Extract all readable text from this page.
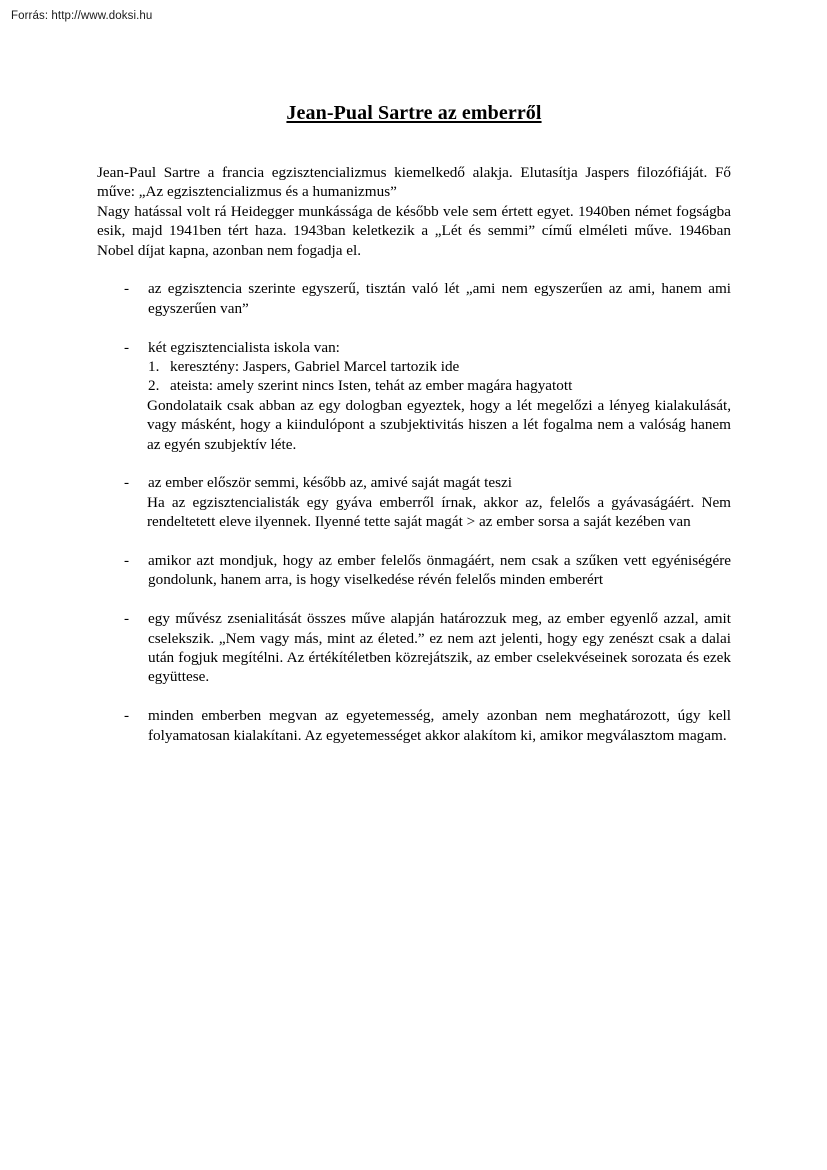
Forrás: http://www.doksi.hu
Jean-Pual Sartre az emberről

Jean-Paul Sartre a francia egzisztencializmus kiemelkedő alakja. Elutasítja Jaspers filozófiáját. Fő műve: „Az egzisztencializmus és a humanizmus”

Nagy hatással volt rá Heidegger munkássága de később vele sem értett egyet. 1940ben német fogságba esik, majd 1941ben tért haza. 1943ban keletkezik a „Lét és semmi” című elméleti műve. 1946ban Nobel díjat kapna, azonban nem fogadja el.

- az egzisztencia szerinte egyszerű, tisztán való lét „ami nem egyszerűen az ami, hanem ami egyszerűen van”
- két egzisztencialista iskola van:
1. keresztény: Jaspers, Gabriel Marcel tartozik ide
2. ateista: amely szerint nincs Isten, tehát az ember magára hagyatott
Gondolataik csak abban az egy dologban egyeztek, hogy a lét megelőzi a lényeg kialakulását, vagy másként, hogy a kiindulópont a szubjektivitás hiszen a lét fogalma nem a valóság hanem az egyén szubjektív léte.
- az ember először semmi, később az, amivé saját magát teszi
Ha az egzisztencialisták egy gyáva emberről írnak, akkor az, felelős a gyávaságáért. Nem rendeltetett eleve ilyennek. Ilyenné tette saját magát > az ember sorsa a saját kezében van
- amikor azt mondjuk, hogy az ember felelős önmagáért, nem csak a szűken vett egyéniségére gondolunk, hanem arra, is hogy viselkedése révén felelős minden emberért
- egy művész zsenialitását összes műve alapján határozzuk meg, az ember egyenlő azzal, amit cselekszik. „Nem vagy más, mint az életed.” ez nem azt jelenti, hogy egy zenészt csak a dalai után fogjuk megítélni. Az értékítéletben közrejátszik, az ember cselekvéseinek sorozata és ezek együttese.
- minden emberben megvan az egyetemesség, amely azonban nem meghatározott, úgy kell folyamatosan kialakítani. Az egyetemességet akkor alakítom ki, amikor megválasztom magam.
